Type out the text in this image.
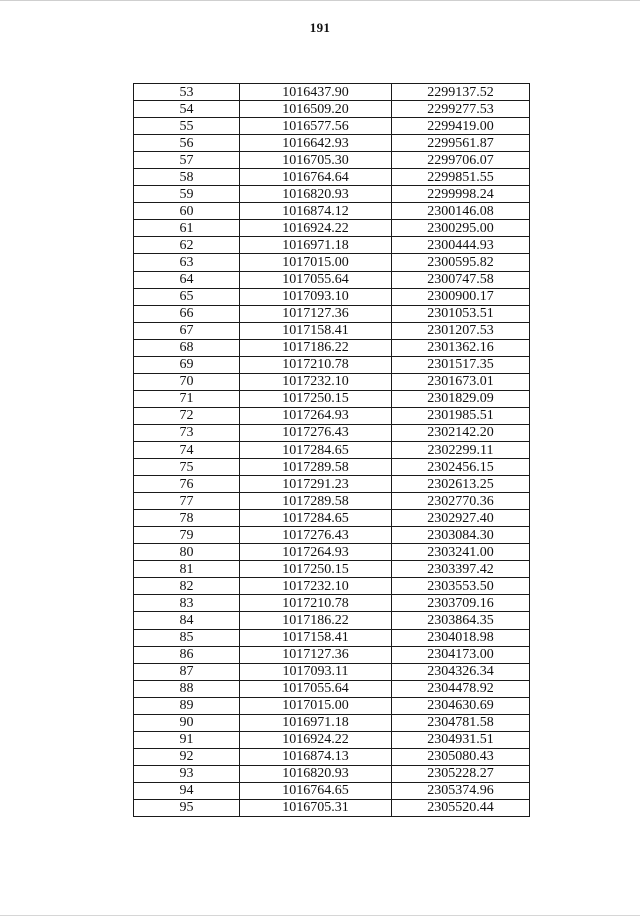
191
53	1016437.90	2299137.52
54	1016509.20	2299277.53
55	1016577.56	2299419.00
56	1016642.93	2299561.87
57	1016705.30	2299706.07
58	1016764.64	2299851.55
59	1016820.93	2299998.24
60	1016874.12	2300146.08
61	1016924.22	2300295.00
62	1016971.18	2300444.93
63	1017015.00	2300595.82
64	1017055.64	2300747.58
65	1017093.10	2300900.17
66	1017127.36	2301053.51
67	1017158.41	2301207.53
68	1017186.22	2301362.16
69	1017210.78	2301517.35
70	1017232.10	2301673.01
71	1017250.15	2301829.09
72	1017264.93	2301985.51
73	1017276.43	2302142.20
74	1017284.65	2302299.11
75	1017289.58	2302456.15
76	1017291.23	2302613.25
77	1017289.58	2302770.36
78	1017284.65	2302927.40
79	1017276.43	2303084.30
80	1017264.93	2303241.00
81	1017250.15	2303397.42
82	1017232.10	2303553.50
83	1017210.78	2303709.16
84	1017186.22	2303864.35
85	1017158.41	2304018.98
86	1017127.36	2304173.00
87	1017093.11	2304326.34
88	1017055.64	2304478.92
89	1017015.00	2304630.69
90	1016971.18	2304781.58
91	1016924.22	2304931.51
92	1016874.13	2305080.43
93	1016820.93	2305228.27
94	1016764.65	2305374.96
95	1016705.31	2305520.44
